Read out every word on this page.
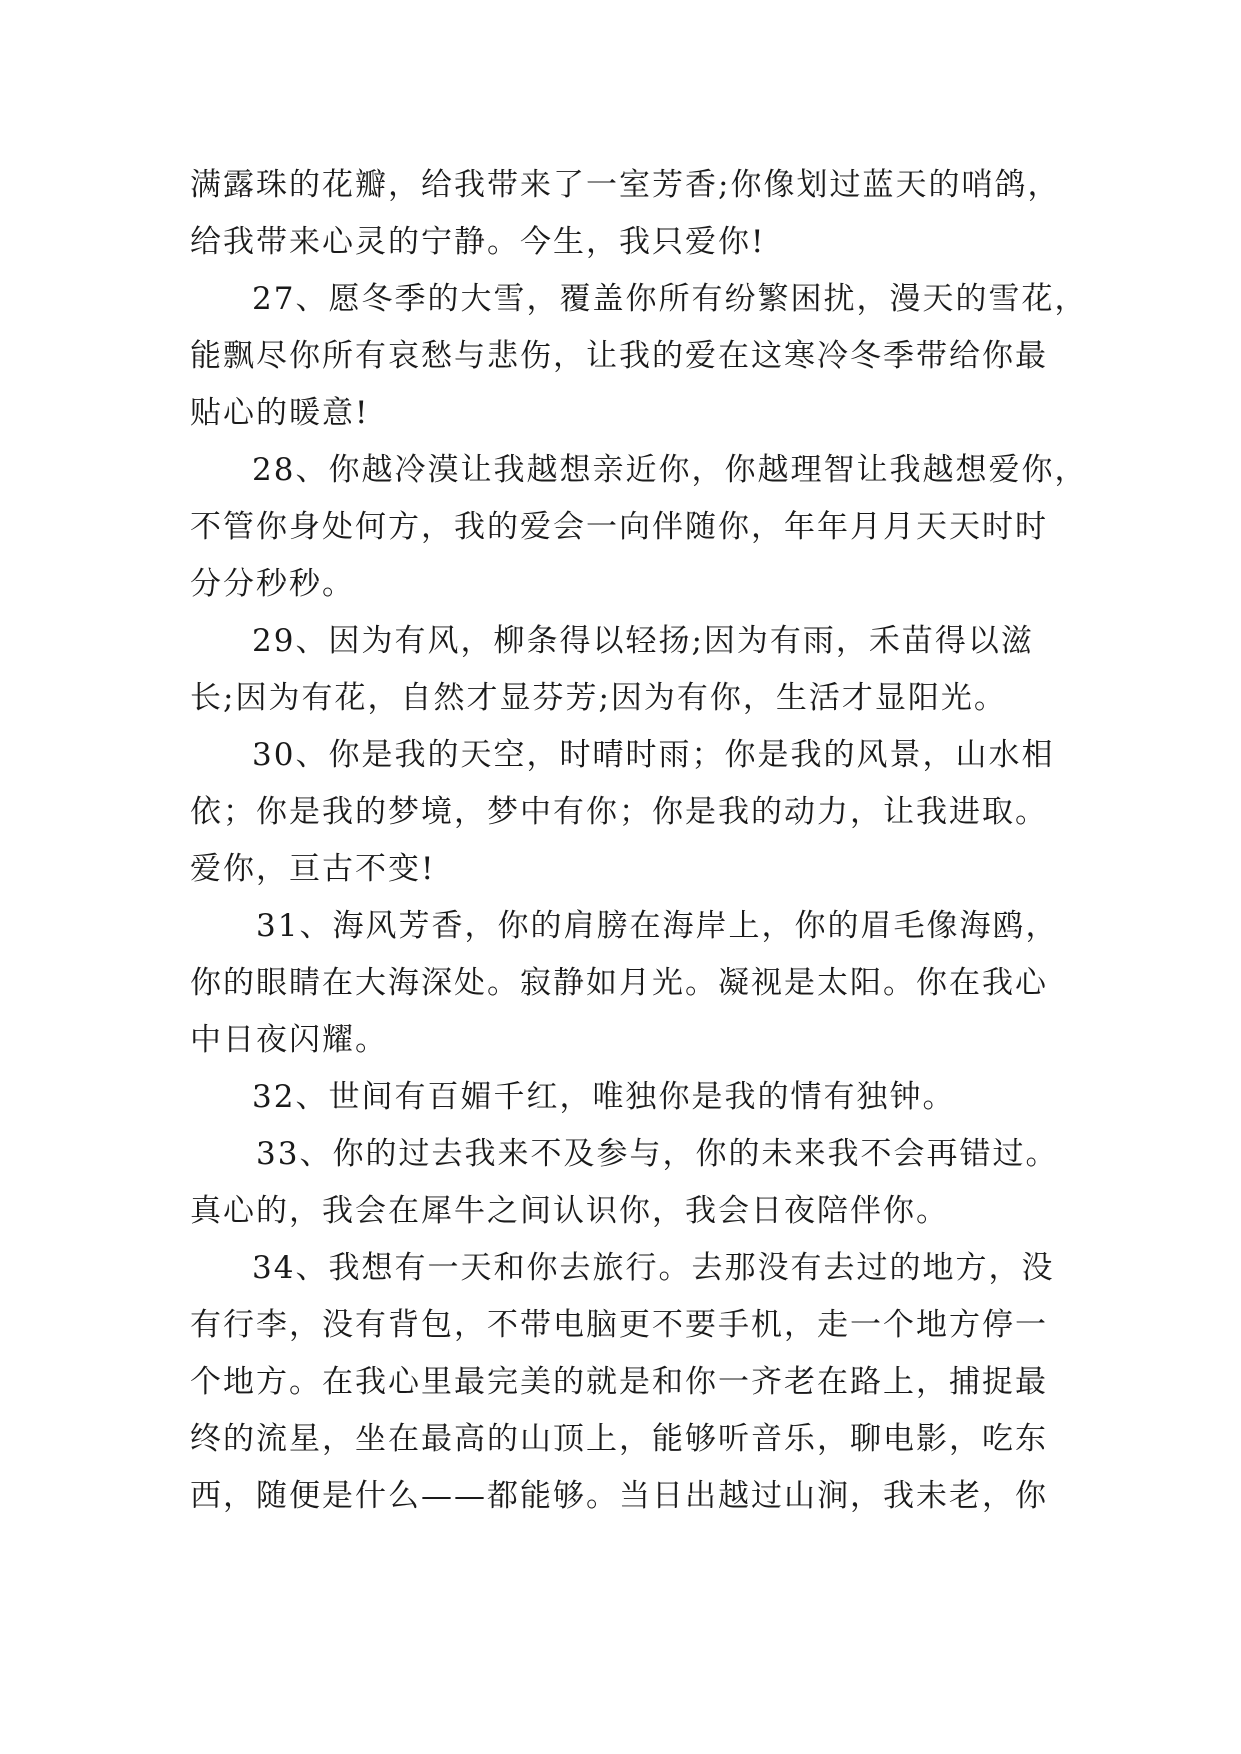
满露珠的花瓣，给我带来了一室芳香;你像划过蓝天的哨鸽，
给我带来心灵的宁静。今生，我只爱你!
27、愿冬季的大雪，覆盖你所有纷繁困扰，漫天的雪花，
能飘尽你所有哀愁与悲伤，让我的爱在这寒冷冬季带给你最
贴心的暖意!
28、你越冷漠让我越想亲近你，你越理智让我越想爱你，
不管你身处何方，我的爱会一向伴随你，年年月月天天时时
分分秒秒。
29、因为有风，柳条得以轻扬;因为有雨，禾苗得以滋
长;因为有花，自然才显芬芳;因为有你，生活才显阳光。
30、你是我的天空，时晴时雨；你是我的风景，山水相
依；你是我的梦境，梦中有你；你是我的动力，让我进取。
爱你，亘古不变!
31、海风芳香，你的肩膀在海岸上，你的眉毛像海鸥，
你的眼睛在大海深处。寂静如月光。凝视是太阳。你在我心
中日夜闪耀。
32、世间有百媚千红，唯独你是我的情有独钟。
33、你的过去我来不及参与，你的未来我不会再错过。
真心的，我会在犀牛之间认识你，我会日夜陪伴你。
34、我想有一天和你去旅行。去那没有去过的地方，没
有行李，没有背包，不带电脑更不要手机，走一个地方停一
个地方。在我心里最完美的就是和你一齐老在路上，捕捉最
终的流星，坐在最高的山顶上，能够听音乐，聊电影，吃东
西，随便是什么——都能够。当日出越过山涧，我未老，你
